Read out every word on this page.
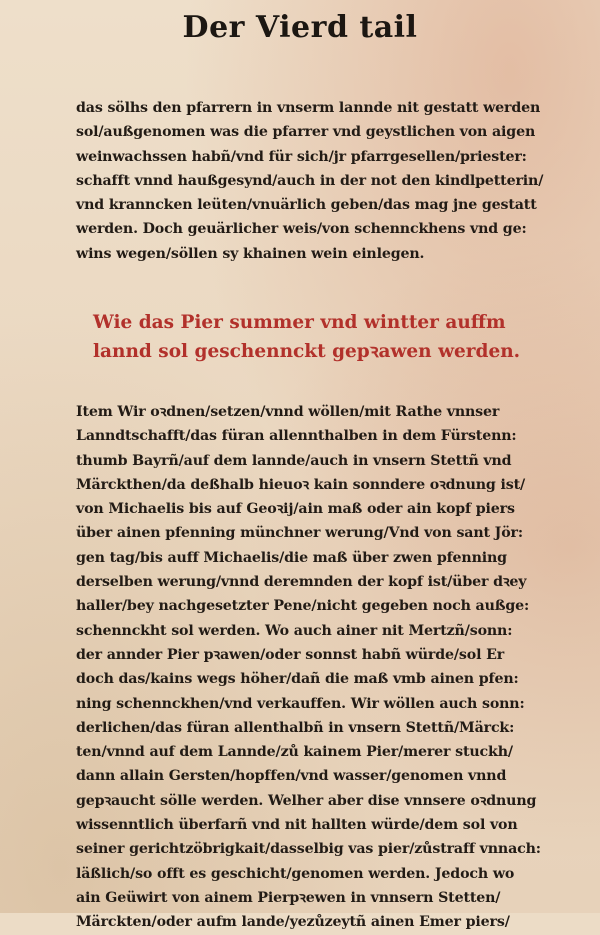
Der Vierd tail
das sölhs den pfarrern in vnserm lannde nit gestatt werden
sol/außgenomen was die pfarrer vnd geystlichen von aigen
weinwachssen habñ/vnd für sich/jr pfarrgesellen/priester:
schafft vnnd haußgesynd/auch in der not den kindlpetterin/
vnd kranncken leüten/vnuärlich geben/das mag jne gestatt
werden. Doch geuärlicher weis/von schennckhens vnd ge:
wins wegen/söllen sy khainen wein einlegen.
Wie das Pier summer vnd wintter auffm
lannd sol geschennckt gepꝛawen werden.
Item Wir oꝛdnen/setzen/vnnd wöllen/mit Rathe vnnser
Lanndtschafft/das füran allennthalben in dem Fürstenn:
thumb Bayrñ/auf dem lannde/auch in vnsern Stettñ vnd
Märckthen/da deßhalb hieuoꝛ kain sonndere oꝛdnung ist/
von Michaelis bis auf Geoꝛij/ain maß oder ain kopf piers
über ainen pfenning münchner werung/Vnd von sant Jör:
gen tag/bis auff Michaelis/die maß über zwen pfenning
derselben werung/vnnd deremnden der kopf ist/über dꝛey
haller/bey nachgesetzter Pene/nicht gegeben noch außge:
schennckht sol werden. Wo auch ainer nit Mertzñ/sonn:
der annder Pier pꝛawen/oder sonnst habñ würde/sol Er
doch das/kains wegs höher/dañ die maß vmb ainen pfen:
ning schennckhen/vnd verkauffen. Wir wöllen auch sonn:
derlichen/das füran allenthalbñ in vnsern Stettñ/Märck:
ten/vnnd auf dem Lannde/zů kainem Pier/merer stuckh/
dann allain Gersten/hopffen/vnd wasser/genomen vnnd
gepꝛaucht sölle werden. Welher aber dise vnnsere oꝛdnung
wissenntlich überfarñ vnd nit hallten würde/dem sol von
seiner gerichtzöbrigkait/dasselbig vas pier/zůstraff vnnach:
läßlich/so offt es geschicht/genomen werden. Jedoch wo
ain Geüwirt von ainem Pierpꝛewen in vnnsern Stetten/
Märckten/oder aufm lande/yezůzeytñ ainen Emer piers/
